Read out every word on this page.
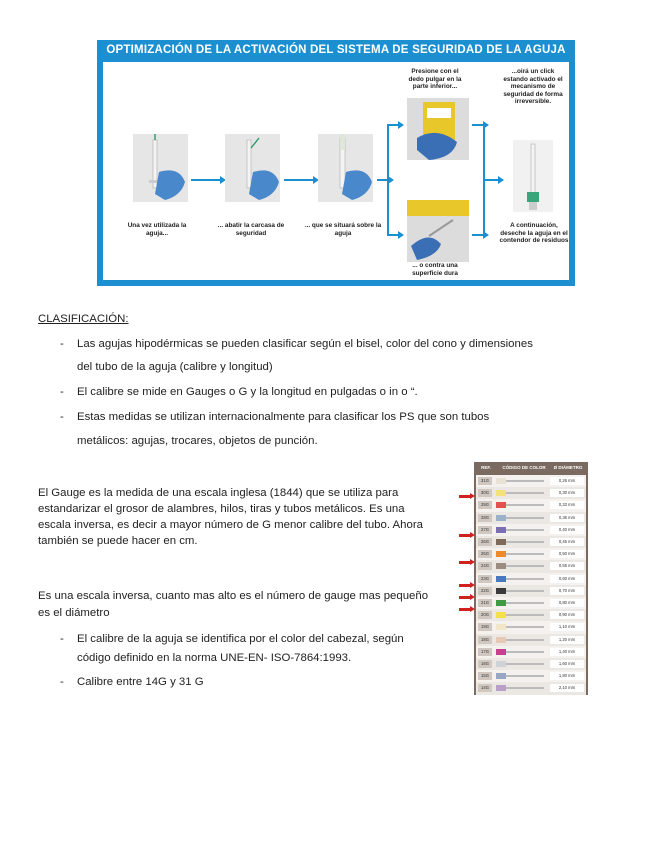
OPTIMIZACIÓN DE LA ACTIVACIÓN DEL SISTEMA DE SEGURIDAD DE LA AGUJA
Una vez utilizada la aguja...
... abatir la carcasa de seguridad
... que se situará sobre la aguja
Presione con el dedo pulgar en la parte inferior...
... o contra una superficie dura
...oirá un click estando activado el mecanismo de seguridad de forma irreversible.
A continuación, deseche la aguja en el contendor de residuos
CLASIFICACIÓN:
- Las agujas hipodérmicas se pueden clasificar según el bisel, color del cono y dimensiones
del tubo de la aguja (calibre y longitud)
- El calibre se mide en Gauges o G y la longitud en pulgadas o in o “.
- Estas medidas se utilizan internacionalmente para clasificar los PS que son tubos
metálicos: agujas, trocares, objetos de punción.
El Gauge es la medida de una escala inglesa (1844) que se utiliza para
estandarizar el grosor de alambres, hilos, tiras y tubos metálicos. Es una
escala inversa, es decir a mayor número de G menor calibre del tubo. Ahora
también se puede hacer en cm.
Es una escala inversa, cuanto mas alto es el número de gauge mas pequeño
es el diámetro
- El calibre de la aguja se identifica por el color del cabezal, según
código definido en la norma UNE-EN- ISO-7864:1993.
- Calibre entre 14G y 31 G
REF.	CÓDIGO DE COLOR	Ø DIÁMETRO
31G	0,26 mm
30G	0,30 mm
29G	0,33 mm
28G	0,36 mm
27G	0,40 mm
26G	0,45 mm
25G	0,50 mm
24G	0,55 mm
23G	0,60 mm
22G	0,70 mm
21G	0,80 mm
20G	0,90 mm
19G	1,10 mm
18G	1,20 mm
17G	1,40 mm
16G	1,60 mm
15G	1,80 mm
14G	2,10 mm
